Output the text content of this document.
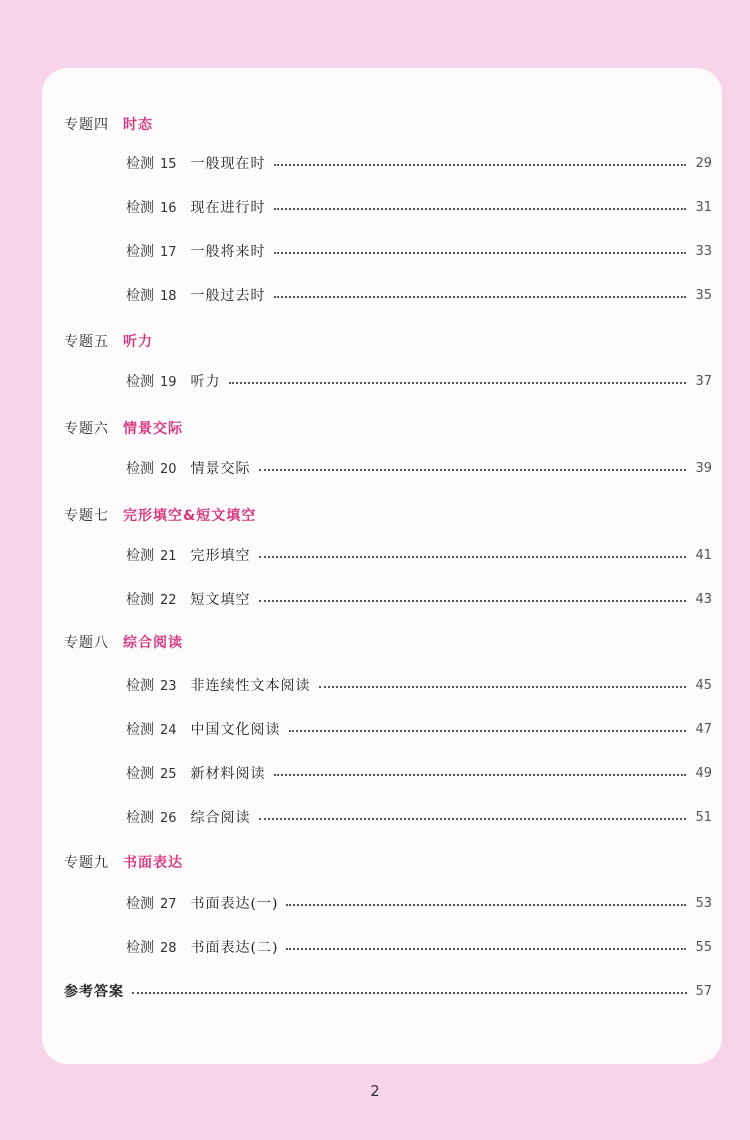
专题四 时态
检测 15 一般现在时	29
检测 16 现在进行时	31
检测 17 一般将来时	33
检测 18 一般过去时	35
专题五 听力
检测 19 听力	37
专题六 情景交际
检测 20 情景交际	39
专题七 完形填空&短文填空
检测 21 完形填空	41
检测 22 短文填空	43
专题八 综合阅读
检测 23 非连续性文本阅读	45
检测 24 中国文化阅读	47
检测 25 新材料阅读	49
检测 26 综合阅读	51
专题九 书面表达
检测 27 书面表达(一)	53
检测 28 书面表达(二)	55
参考答案	57
2
